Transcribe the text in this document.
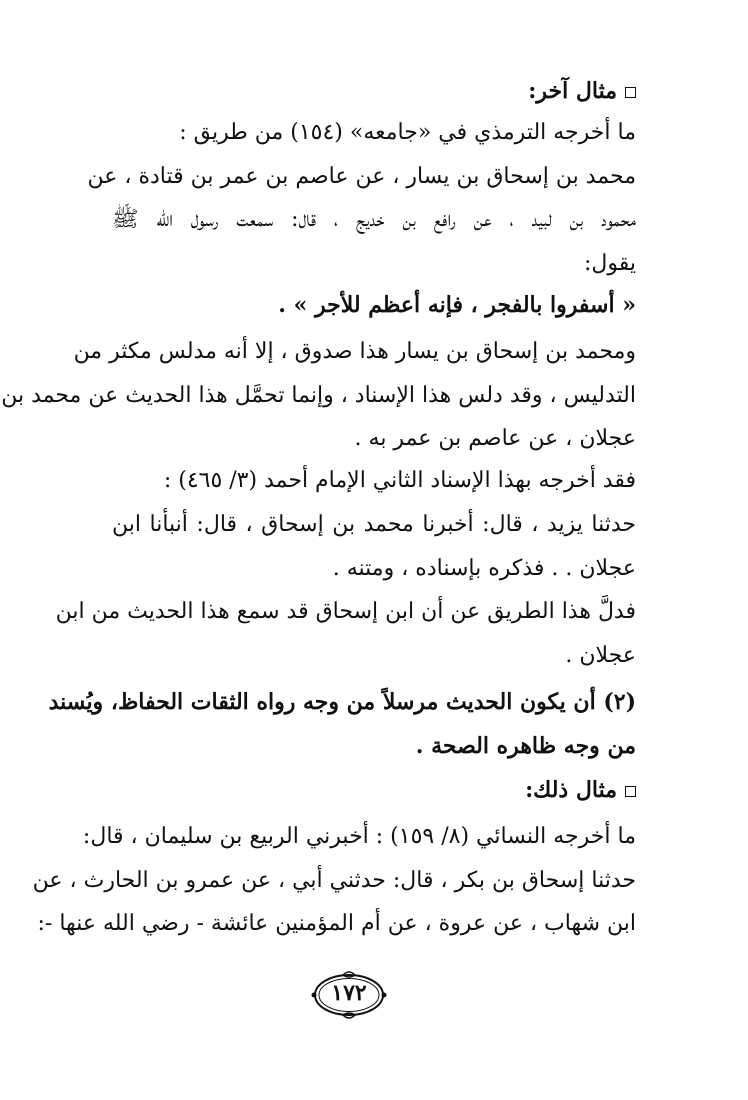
مثال آخر:
ما أخرجه الترمذي في «جامعه» (١٥٤) من طريق :
محمد بن إسحاق بن يسار ، عن عاصم بن عمر بن قتادة ، عن
محمود بن لبيد ، عن رافع بن خديج ، قال: سمعت رسول الله ﷺ
يقول:
« أسفروا بالفجر ، فإنه أعظم للأجر » .
ومحمد بن إسحاق بن يسار هذا صدوق ، إلا أنه مدلس مكثر من
التدليس ، وقد دلس هذا الإسناد ، وإنما تحمَّل هذا الحديث عن محمد بن
عجلان ، عن عاصم بن عمر به .
فقد أخرجه بهذا الإسناد الثاني الإمام أحمد (٣/ ٤٦٥) :
حدثنا يزيد ، قال: أخبرنا محمد بن إسحاق ، قال: أنبأنا ابن
عجلان . . فذكره بإسناده ، ومتنه .
فدلَّ هذا الطريق عن أن ابن إسحاق قد سمع هذا الحديث من ابن
عجلان .
(٢) أن يكون الحديث مرسلاً من وجه رواه الثقات الحفاظ، ويُسند
من وجه ظاهره الصحة .
مثال ذلك:
ما أخرجه النسائي (٨/ ١٥٩) : أخبرني الربيع بن سليمان ، قال:
حدثنا إسحاق بن بكر ، قال: حدثني أبي ، عن عمرو بن الحارث ، عن
ابن شهاب ، عن عروة ، عن أم المؤمنين عائشة - رضي الله عنها -:
١٧٢
